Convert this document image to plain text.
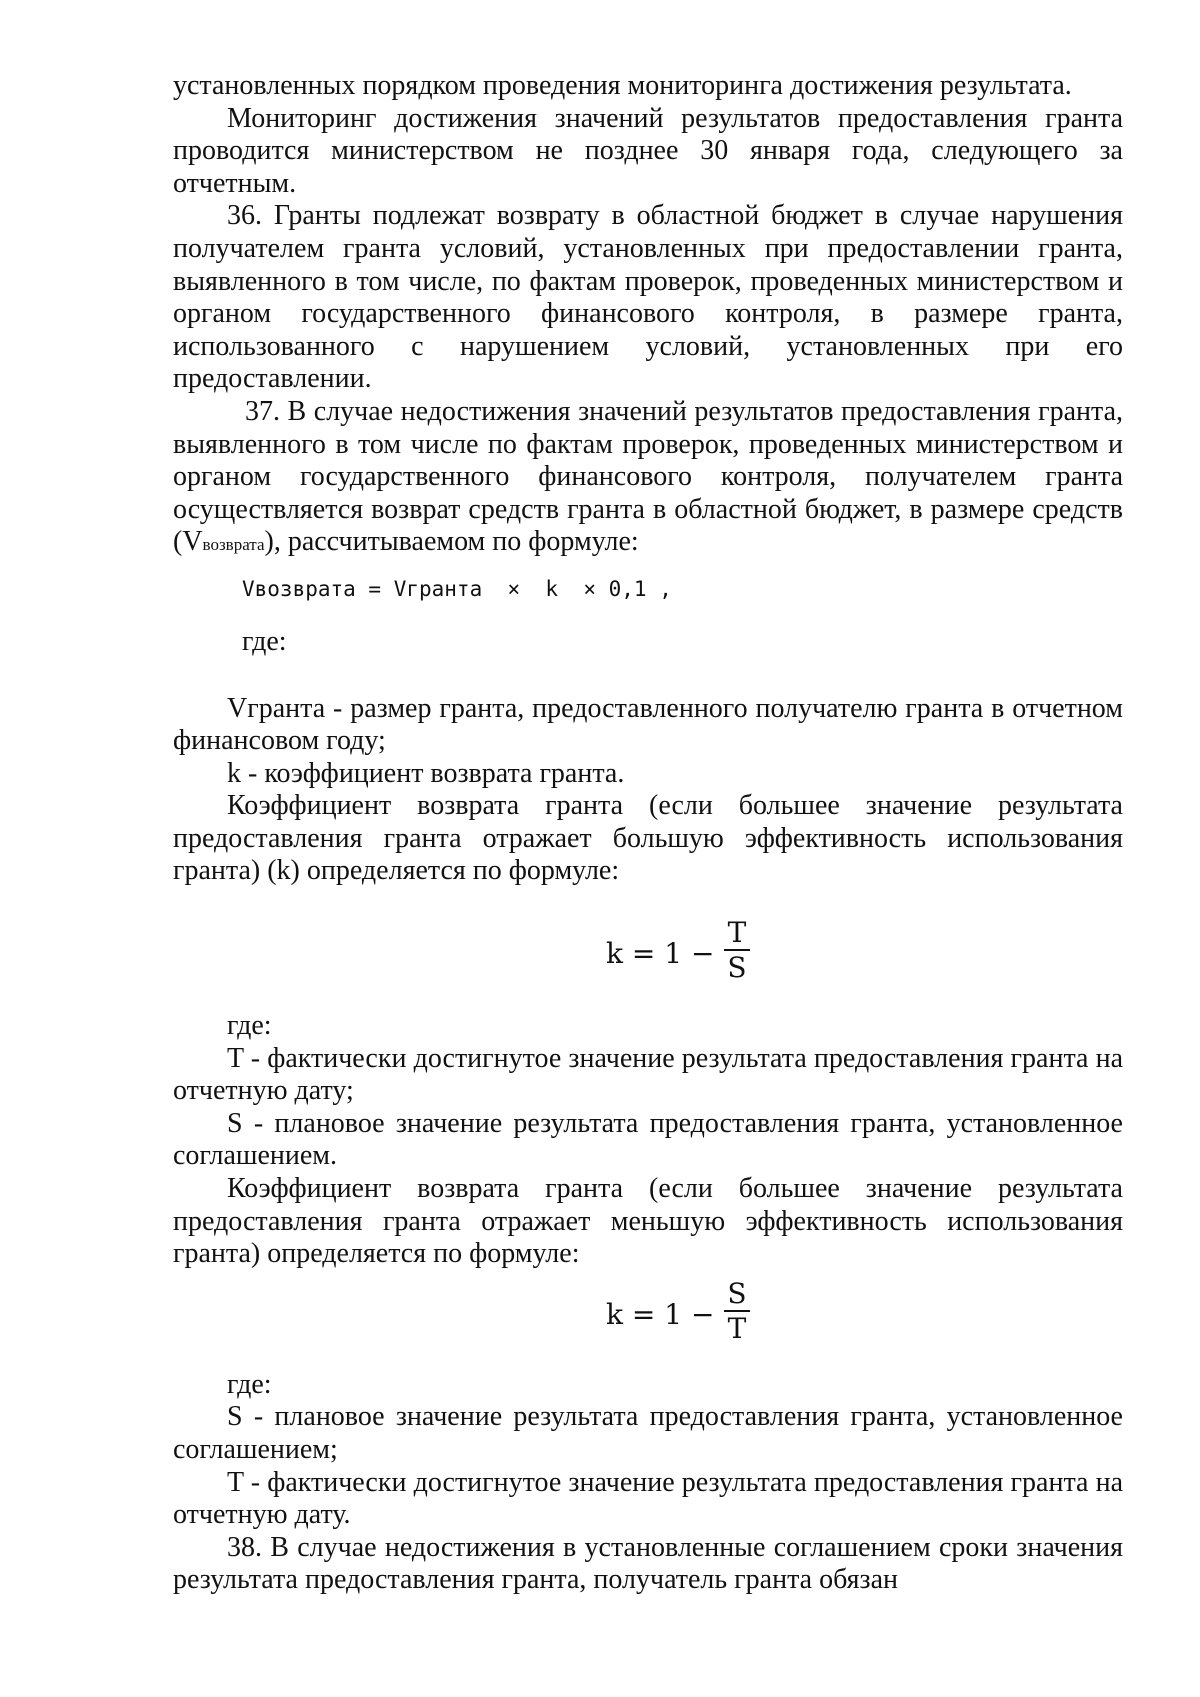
установленных порядком проведения мониторинга достижения результата.

Мониторинг достижения значений результатов предоставления гранта проводится министерством не позднее 30 января года, следующего за отчетным.

36. Гранты подлежат возврату в областной бюджет в случае нарушения получателем гранта условий, установленных при предоставлении гранта, выявленного в том числе, по фактам проверок, проведенных министерством и органом государственного финансового контроля, в размере гранта, использованного с нарушением условий, установленных при его предоставлении.

37. В случае недостижения значений результатов предоставления гранта, выявленного в том числе по фактам проверок, проведенных министерством и органом государственного финансового контроля, получателем гранта осуществляется возврат средств гранта в областной бюджет, в размере средств (Vвозврата), рассчитываемом по формуле:

Vвозврата = Vгранта  ×  k  × 0,1 ,

где:

Vгранта - размер гранта, предоставленного получателю гранта в отчетном финансовом году;

k - коэффициент возврата гранта.

Коэффициент возврата гранта (если большее значение результата предоставления гранта отражает большую эффективность использования гранта) (k) определяется по формуле:

k = 1 −
T
S

где:

T - фактически достигнутое значение результата предоставления гранта на отчетную дату;

S - плановое значение результата предоставления гранта, установленное соглашением.

Коэффициент возврата гранта (если большее значение результата предоставления гранта отражает меньшую эффективность использования гранта) определяется по формуле:

k = 1 −
S
T

где:

S - плановое значение результата предоставления гранта, установленное соглашением;

T - фактически достигнутое значение результата предоставления гранта на отчетную дату.

38. В случае недостижения в установленные соглашением сроки значения результата предоставления гранта, получатель гранта обязан
